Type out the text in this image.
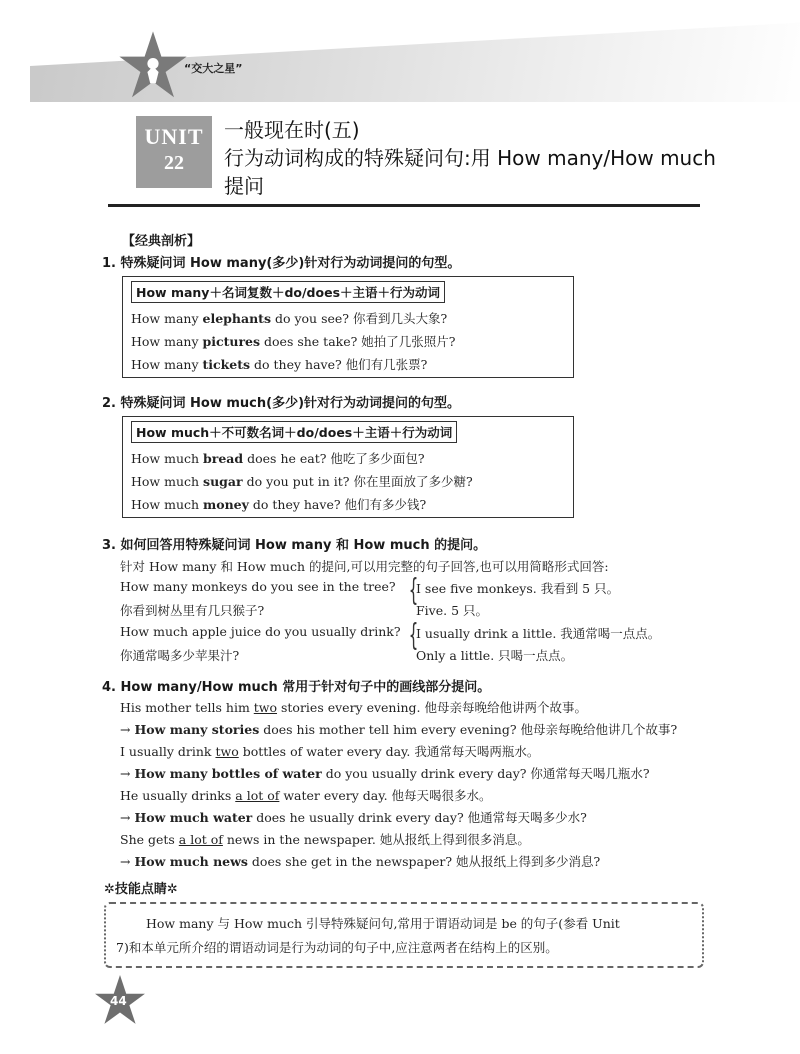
“交大之星”
UNIT
22
一般现在时(五)
行为动词构成的特殊疑问句:用 How many/How much
提问
【经典剖析】
1. 特殊疑问词 How many(多少)针对行为动词提问的句型。
How many＋名词复数＋do/does＋主语＋行为动词
How many elephants do you see? 你看到几头大象?
How many pictures does she take? 她拍了几张照片?
How many tickets do they have? 他们有几张票?
2. 特殊疑问词 How much(多少)针对行为动词提问的句型。
How much＋不可数名词＋do/does＋主语＋行为动词
How much bread does he eat? 他吃了多少面包?
How much sugar do you put in it? 你在里面放了多少糖?
How much money do they have? 他们有多少钱?
3. 如何回答用特殊疑问词 How many 和 How much 的提问。
针对 How many 和 How much 的提问,可以用完整的句子回答,也可以用简略形式回答:
How many monkeys do you see in the tree?
你看到树丛里有几只猴子?
{
I see five monkeys. 我看到 5 只。
Five. 5 只。
How much apple juice do you usually drink?
你通常喝多少苹果汁?
{
I usually drink a little. 我通常喝一点点。
Only a little. 只喝一点点。
4. How many/How much 常用于针对句子中的画线部分提问。
His mother tells him two stories every evening. 他母亲每晚给他讲两个故事。
→ How many stories does his mother tell him every evening? 他母亲每晚给他讲几个故事?
I usually drink two bottles of water every day. 我通常每天喝两瓶水。
→ How many bottles of water do you usually drink every day? 你通常每天喝几瓶水?
He usually drinks a lot of water every day. 他每天喝很多水。
→ How much water does he usually drink every day? 他通常每天喝多少水?
She gets a lot of news in the newspaper. 她从报纸上得到很多消息。
→ How much news does she get in the newspaper? 她从报纸上得到多少消息?
✲技能点睛✲
How many 与 How much 引导特殊疑问句,常用于谓语动词是 be 的句子(参看 Unit
7)和本单元所介绍的谓语动词是行为动词的句子中,应注意两者在结构上的区别。
44
